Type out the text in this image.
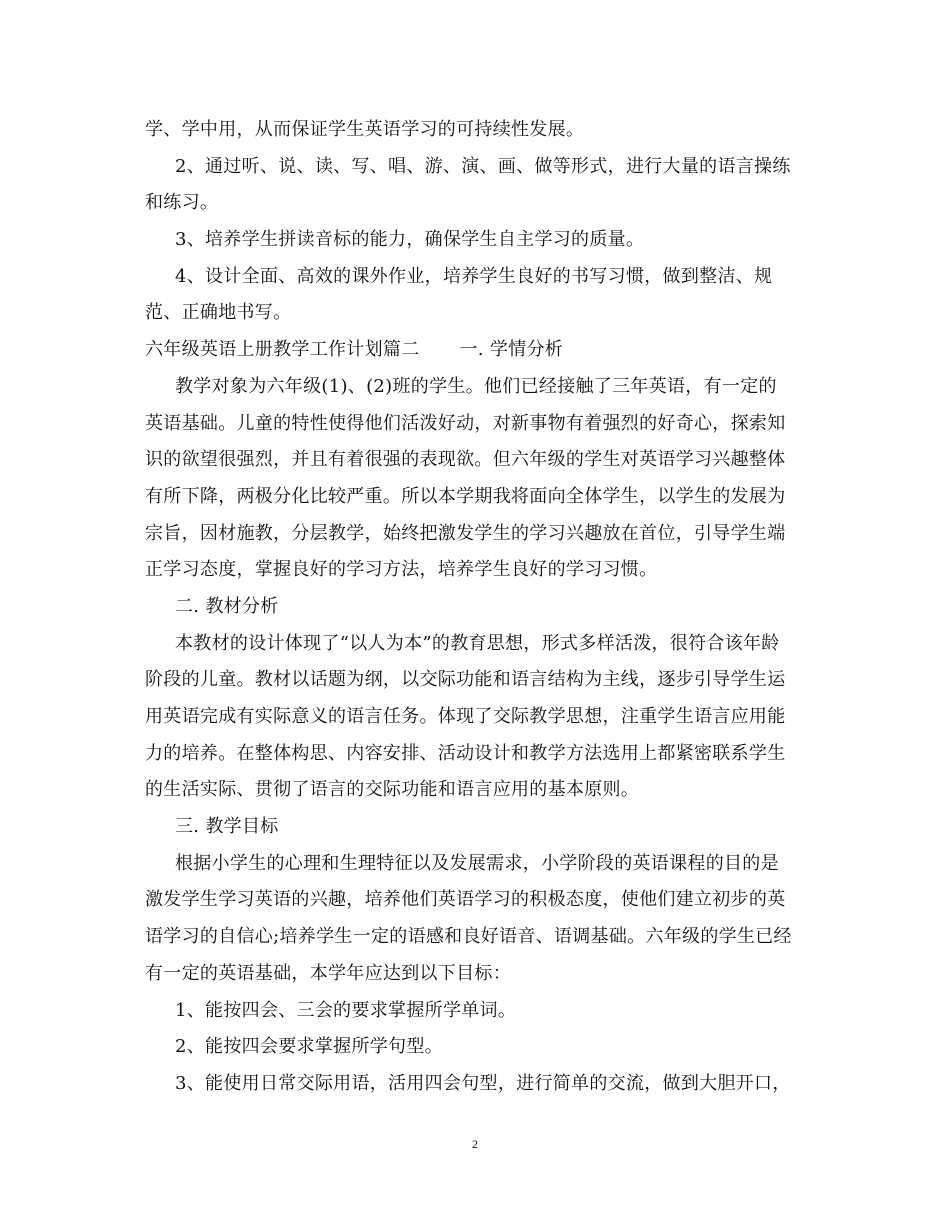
学、学中用，从而保证学生英语学习的可持续性发展。
2、通过听、说、读、写、唱、游、演、画、做等形式，进行大量的语言操练
和练习。
3、培养学生拼读音标的能力，确保学生自主学习的质量。
4、设计全面、高效的课外作业，培养学生良好的书写习惯，做到整洁、规
范、正确地书写。
六年级英语上册教学工作计划篇二 一. 学情分析
教学对象为六年级(1)、(2)班的学生。他们已经接触了三年英语，有一定的
英语基础。儿童的特性使得他们活泼好动，对新事物有着强烈的好奇心，探索知
识的欲望很强烈，并且有着很强的表现欲。但六年级的学生对英语学习兴趣整体
有所下降，两极分化比较严重。所以本学期我将面向全体学生，以学生的发展为
宗旨，因材施教，分层教学，始终把激发学生的学习兴趣放在首位，引导学生端
正学习态度，掌握良好的学习方法，培养学生良好的学习习惯。
二. 教材分析
本教材的设计体现了“以人为本”的教育思想，形式多样活泼，很符合该年龄
阶段的儿童。教材以话题为纲，以交际功能和语言结构为主线，逐步引导学生运
用英语完成有实际意义的语言任务。体现了交际教学思想，注重学生语言应用能
力的培养。在整体构思、内容安排、活动设计和教学方法选用上都紧密联系学生
的生活实际、贯彻了语言的交际功能和语言应用的基本原则。
三. 教学目标
根据小学生的心理和生理特征以及发展需求，小学阶段的英语课程的目的是
激发学生学习英语的兴趣，培养他们英语学习的积极态度，使他们建立初步的英
语学习的自信心;培养学生一定的语感和良好语音、语调基础。六年级的学生已经
有一定的英语基础，本学年应达到以下目标：
1、能按四会、三会的要求掌握所学单词。
2、能按四会要求掌握所学句型。
3、能使用日常交际用语，活用四会句型，进行简单的交流，做到大胆开口，
2
